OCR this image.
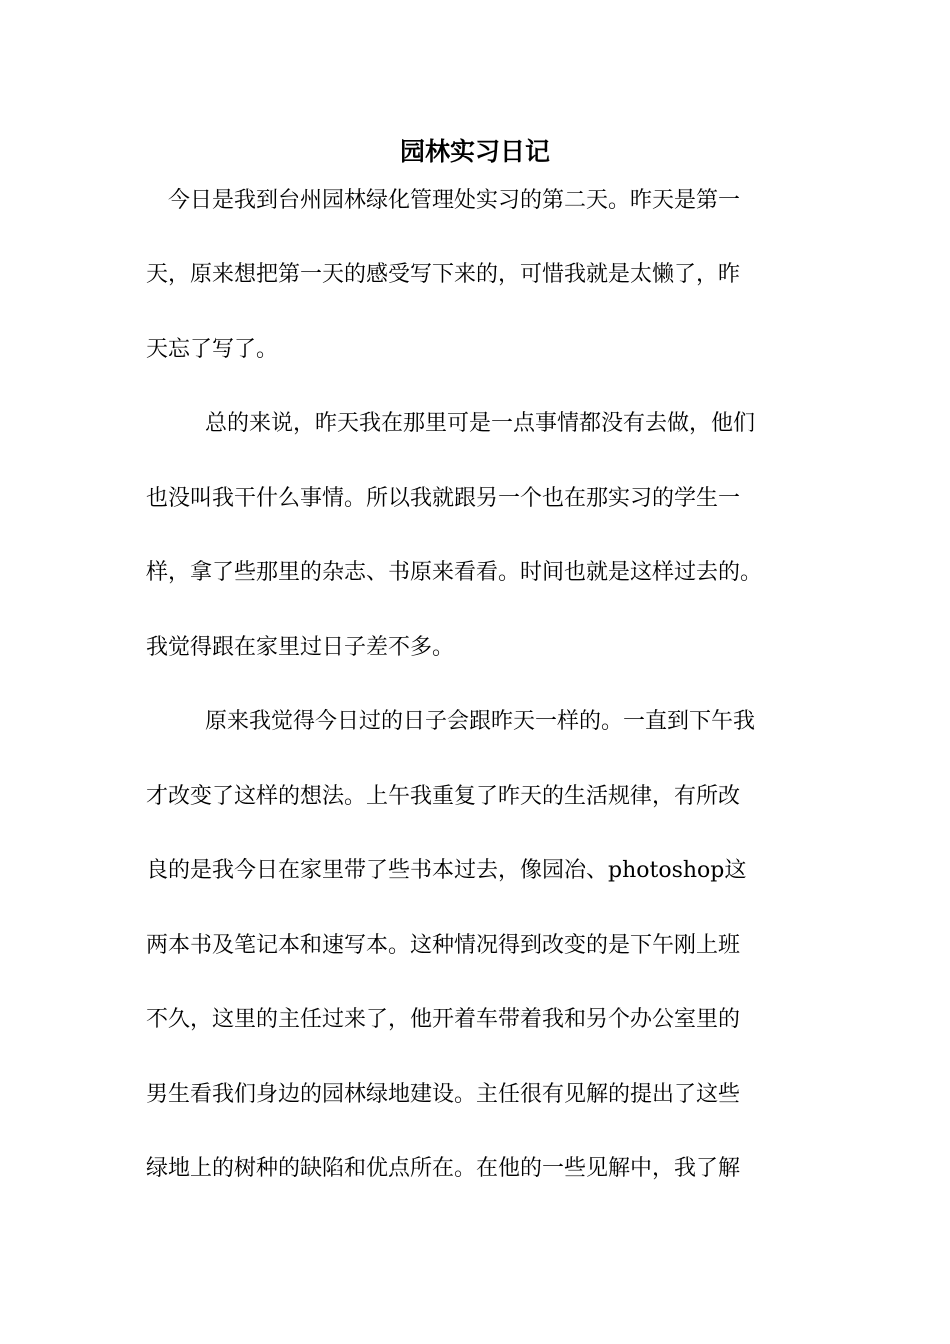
园林实习日记
今日是我到台州园林绿化管理处实习的第二天。昨天是第一
天，原来想把第一天的感受写下来的，可惜我就是太懒了，昨
天忘了写了。
总的来说，昨天我在那里可是一点事情都没有去做，他们
也没叫我干什么事情。所以我就跟另一个也在那实习的学生一
样，拿了些那里的杂志、书原来看看。时间也就是这样过去的。
我觉得跟在家里过日子差不多。
原来我觉得今日过的日子会跟昨天一样的。一直到下午我
才改变了这样的想法。上午我重复了昨天的生活规律，有所改
良的是我今日在家里带了些书本过去，像园冶、photoshop这
两本书及笔记本和速写本。这种情况得到改变的是下午刚上班
不久，这里的主任过来了，他开着车带着我和另个办公室里的
男生看我们身边的园林绿地建设。主任很有见解的提出了这些
绿地上的树种的缺陷和优点所在。在他的一些见解中，我了解
